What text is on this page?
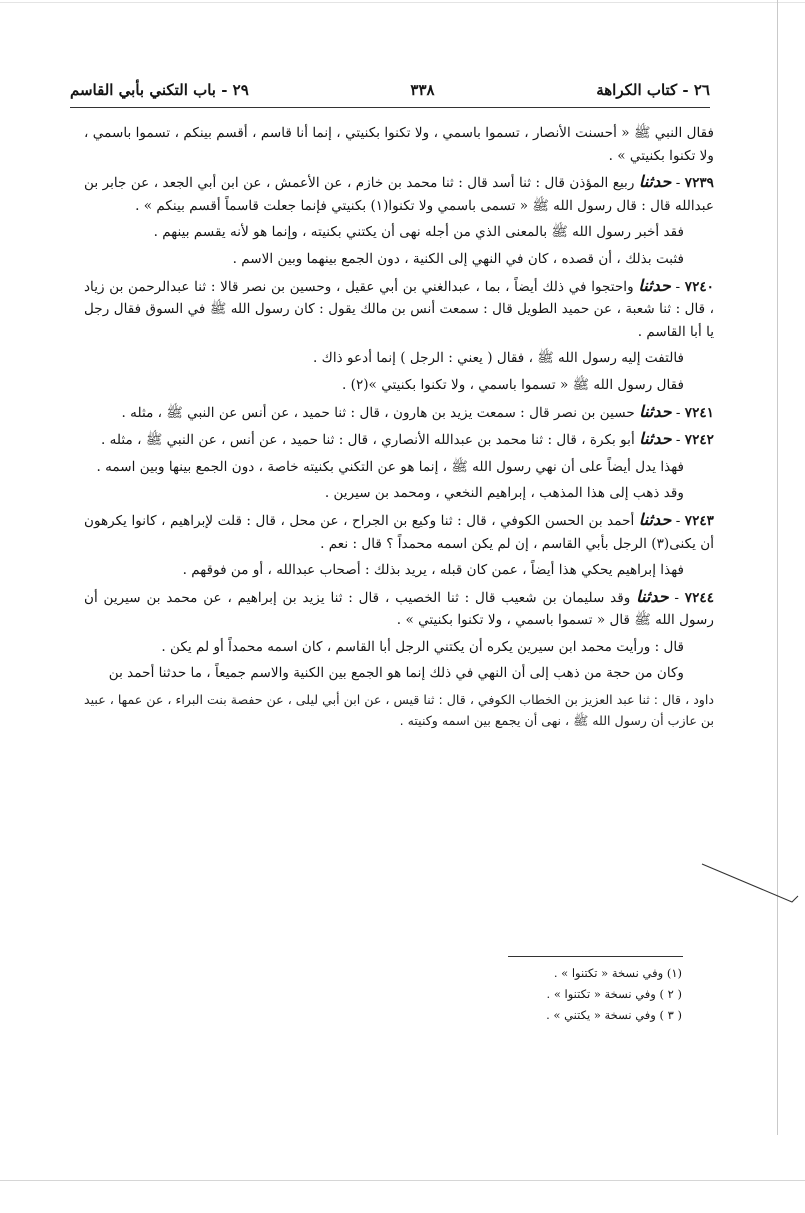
٢٦ - كتاب الكراهة
٣٣٨
٢٩ - باب التكني بأبي القاسم

فقال النبي ﷺ « أحسنت الأنصار ، تسموا باسمي ، ولا تكنوا بكنيتي ، إنما أنا قاسم ، أقسم بينكم ، تسموا باسمي ، ولا تكنوا بكنيتي » .

٧٢٣٩ - حدثنا ربيع المؤذن قال : ثنا أسد قال : ثنا محمد بن خازم ، عن الأعمش ، عن ابن أبي الجعد ، عن جابر بن عبدالله قال : قال رسول الله ﷺ « تسمى باسمي ولا تكنوا(١) بكنيتي فإنما جعلت قاسماً أقسم بينكم » .

فقد أخبر رسول الله ﷺ بالمعنى الذي من أجله نهى أن يكتني بكنيته ، وإنما هو لأنه يقسم بينهم .

فثبت بذلك ، أن قصده ، كان في النهي إلى الكنية ، دون الجمع بينهما وبين الاسم .

٧٢٤٠ - حدثنا واحتجوا في ذلك أيضاً ، بما ، عبدالغني بن أبي عقيل ، وحسين بن نصر قالا : ثنا عبدالرحمن بن زياد ، قال : ثنا شعبة ، عن حميد الطويل قال : سمعت أنس بن مالك يقول : كان رسول الله ﷺ في السوق فقال رجل يا أبا القاسم .

فالتفت إليه رسول الله ﷺ ، فقال ( يعني : الرجل ) إنما أدعو ذاك .

فقال رسول الله ﷺ « تسموا باسمي ، ولا تكنوا بكنيتي »(٢) .

٧٢٤١ - حدثنا حسين بن نصر قال : سمعت يزيد بن هارون ، قال : ثنا حميد ، عن أنس عن النبي ﷺ ، مثله .

٧٢٤٢ - حدثنا أبو بكرة ، قال : ثنا محمد بن عبدالله الأنصاري ، قال : ثنا حميد ، عن أنس ، عن النبي ﷺ ، مثله .

فهذا يدل أيضاً على أن نهي رسول الله ﷺ ، إنما هو عن التكني بكنيته خاصة ، دون الجمع بينها وبين اسمه .

وقد ذهب إلى هذا المذهب ، إبراهيم النخعي ، ومحمد بن سيرين .

٧٢٤٣ - حدثنا أحمد بن الحسن الكوفي ، قال : ثنا وكيع بن الجراح ، عن محل ، قال : قلت لإبراهيم ، كانوا يكرهون أن يكنى(٣) الرجل بأبي القاسم ، إن لم يكن اسمه محمداً ؟ قال : نعم .

فهذا إبراهيم يحكي هذا أيضاً ، عمن كان قبله ، يريد بذلك : أصحاب عبدالله ، أو من فوقهم .

٧٢٤٤ - حدثنا وقد سليمان بن شعيب قال : ثنا الخصيب ، قال : ثنا يزيد بن إبراهيم ، عن محمد بن سيرين أن رسول الله ﷺ قال « تسموا باسمي ، ولا تكنوا بكنيتي » .

قال : ورأيت محمد ابن سيرين يكره أن يكتني الرجل أبا القاسم ، كان اسمه محمداً أو لم يكن .

وكان من حجة من ذهب إلى أن النهي في ذلك إنما هو الجمع بين الكنية والاسم جميعاً ، ما حدثنا أحمد بن

داود ، قال : ثنا عبد العزيز بن الخطاب الكوفي ، قال : ثنا قيس ، عن ابن أبي ليلى ، عن حفصة بنت البراء ، عن عمها ، عبيد بن عازب أن رسول الله ﷺ ، نهى أن يجمع بين اسمه وكنيته .

(١) وفي نسخة « تكتنوا » .
( ٢ ) وفي نسخة « تكتنوا » .
( ٣ ) وفي نسخة « يكتني » .
